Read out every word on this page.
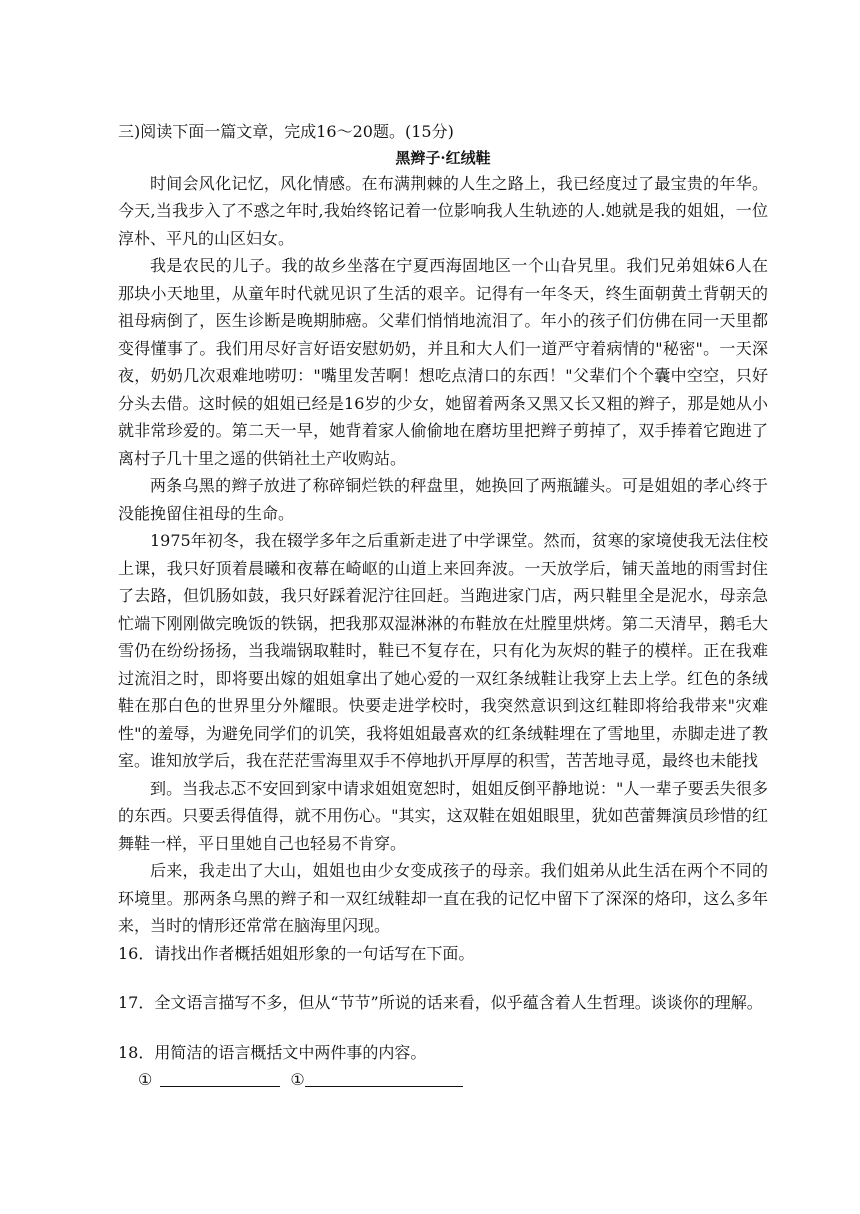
三)阅读下面一篇文章，完成16～20题。(15分)

黑辫子·红绒鞋

时间会风化记忆，风化情感。在布满荆棘的人生之路上，我已经度过了最宝贵的年华。今天,当我步入了不惑之年时,我始终铭记着一位影响我人生轨迹的人.她就是我的姐姐，一位淳朴、平凡的山区妇女。

我是农民的儿子。我的故乡坐落在宁夏西海固地区一个山旮旯里。我们兄弟姐妹6人在那块小天地里，从童年时代就见识了生活的艰辛。记得有一年冬天，终生面朝黄土背朝天的祖母病倒了，医生诊断是晚期肺癌。父辈们悄悄地流泪了。年小的孩子们仿佛在同一天里都变得懂事了。我们用尽好言好语安慰奶奶，并且和大人们一道严守着病情的"秘密"。一天深夜，奶奶几次艰难地唠叨："嘴里发苦啊！想吃点清口的东西！"父辈们个个囊中空空，只好分头去借。这时候的姐姐已经是16岁的少女，她留着两条又黑又长又粗的辫子，那是她从小就非常珍爱的。第二天一早，她背着家人偷偷地在磨坊里把辫子剪掉了，双手捧着它跑进了离村子几十里之遥的供销社土产收购站。

两条乌黑的辫子放进了称碎铜烂铁的秤盘里，她换回了两瓶罐头。可是姐姐的孝心终于没能挽留住祖母的生命。

1975年初冬，我在辍学多年之后重新走进了中学课堂。然而，贫寒的家境使我无法住校上课，我只好顶着晨曦和夜幕在崎岖的山道上来回奔波。一天放学后，铺天盖地的雨雪封住了去路，但饥肠如鼓，我只好踩着泥泞往回赶。当跑进家门店，两只鞋里全是泥水，母亲急忙端下刚刚做完晚饭的铁锅，把我那双湿淋淋的布鞋放在灶膛里烘烤。第二天清早，鹅毛大雪仍在纷纷扬扬，当我端锅取鞋时，鞋已不复存在，只有化为灰烬的鞋子的模样。正在我难过流泪之时，即将要出嫁的姐姐拿出了她心爱的一双红条绒鞋让我穿上去上学。红色的条绒鞋在那白色的世界里分外耀眼。快要走进学校时，我突然意识到这红鞋即将给我带来"灾难性"的羞辱，为避免同学们的讥笑，我将姐姐最喜欢的红条绒鞋埋在了雪地里，赤脚走进了教室。谁知放学后，我在茫茫雪海里双手不停地扒开厚厚的积雪，苦苦地寻觅，最终也未能找

到。当我忐忑不安回到家中请求姐姐宽恕时，姐姐反倒平静地说："人一辈子要丢失很多的东西。只要丢得值得，就不用伤心。"其实，这双鞋在姐姐眼里，犹如芭蕾舞演员珍惜的红舞鞋一样，平日里她自己也轻易不肯穿。

后来，我走出了大山，姐姐也由少女变成孩子的母亲。我们姐弟从此生活在两个不同的环境里。那两条乌黑的辫子和一双红绒鞋却一直在我的记忆中留下了深深的烙印，这么多年来，当时的情形还常常在脑海里闪现。

16．请找出作者概括姐姐形象的一句话写在下面。

17．全文语言描写不多，但从“节节”所说的话来看，似乎蕴含着人生哲理。谈谈你的理解。

18．用简洁的语言概括文中两件事的内容。

①	①
